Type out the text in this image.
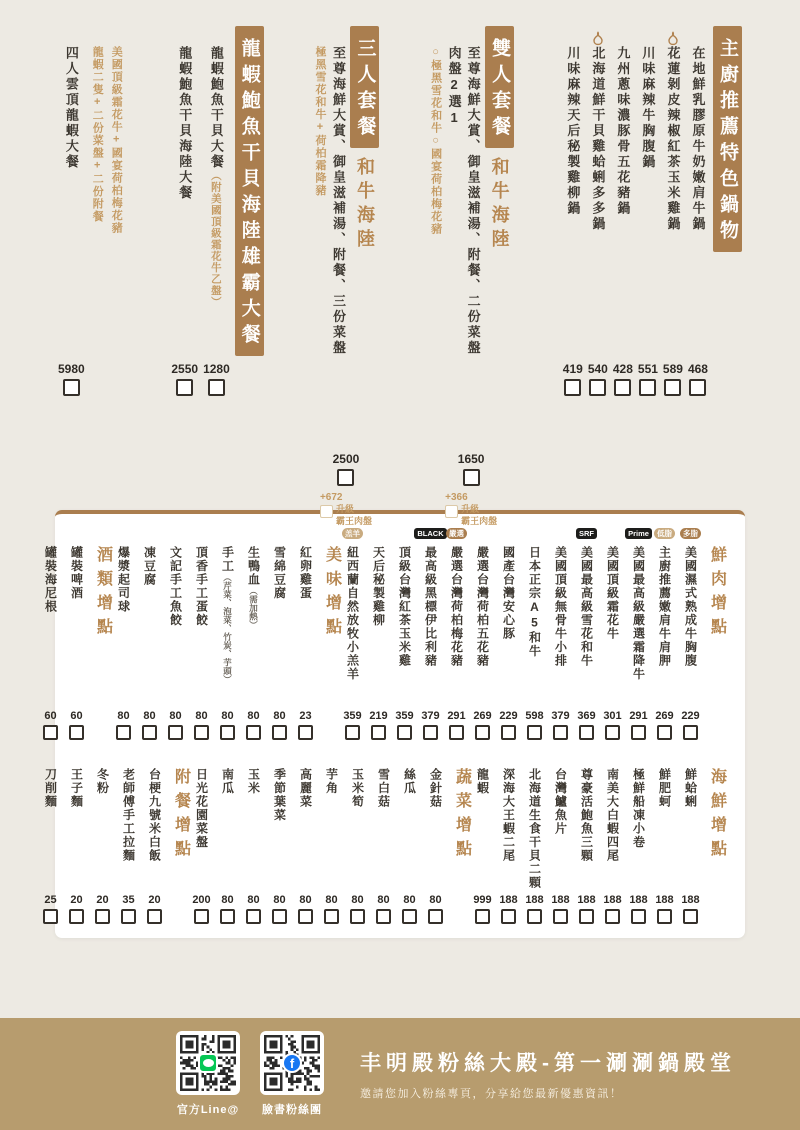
主廚推薦特色鍋物
在地鮮乳膠原牛奶嫩肩牛鍋
468
花蓮剝皮辣椒紅茶玉米雞鍋
589
川味麻辣牛胸腹鍋
551
九州蔥味濃豚骨五花豬鍋
428
北海道鮮干貝雞蛤蜊多多鍋
540
川味麻辣天后秘製雞柳鍋
419
雙人套餐
和牛海陸
至尊海鮮大賞、御皇滋補湯、附餐、二份菜盤
肉盤2選1
○極黑雪花和牛○國宴荷柏梅花豬
1650
+366
升級
霸王肉盤
三人套餐
和牛海陸
至尊海鮮大賞、御皇滋補湯、附餐、三份菜盤
極黑雪花和牛+荷柏霜降豬
2500
+672
升級
霸王肉盤
龍蝦鮑魚干貝海陸雄霸大餐
龍蝦鮑魚干貝大餐（附美國頂級霜花牛乙盤）
1280
龍蝦鮑魚干貝海陸大餐
2550
美國頂級霜花牛+國宴荷柏梅花豬
龍蝦二隻+二份菜盤+二份附餐
四人雲頂龍蝦大餐
5980
鮮肉增點
多脂
美國濕式熟成牛胸腹
229
低脂
主廚推薦嫩肩牛肩胛
269
Prime
美國最高級嚴選霜降牛
291
美國頂級霜花牛
301
SRF
美國最高級雪花和牛
369
美國頂級無骨牛小排
379
日本正宗A5和牛
598
國產台灣安心豚
229
嚴選台灣荷柏五花豬
269
嚴選
嚴選台灣荷柏梅花豬
291
BLACK
最高級黑標伊比利豬
379
頂級台灣紅茶玉米雞
359
天后秘製雞柳
219
羔羊
紐西蘭自然放牧小羔羊
359
美味增點
紅卵雞蛋
23
雪綿豆腐
80
生鴨血（需加熱）
80
手工（芹菜、泡菜、竹炭、芋頭）
80
頂香手工蛋餃
80
文記手工魚餃
80
凍豆腐
80
爆漿起司球
80
酒類增點
罐裝啤酒
60
罐裝海尼根
60
海鮮增點
鮮蛤蜊
188
鮮肥蚵
188
極鮮船凍小卷
188
南美大白蝦四尾
188
尊豪活鮑魚三顆
188
台灣鱸魚片
188
北海道生食干貝二顆
188
深海大王蝦二尾
188
龍蝦
999
蔬菜增點
金針菇
80
絲瓜
80
雪白菇
80
玉米筍
80
芋角
80
高麗菜
80
季節葉菜
80
玉米
80
南瓜
80
日光花園菜盤
200
附餐增點
台梗九號米白飯
20
老師傅手工拉麵
35
冬粉
20
王子麵
20
刀削麵
25
官方Line@
f
臉書粉絲團
丰明殿粉絲大殿-第一涮涮鍋殿堂
邀請您加入粉絲專頁，分享給您最新優惠資訊！
